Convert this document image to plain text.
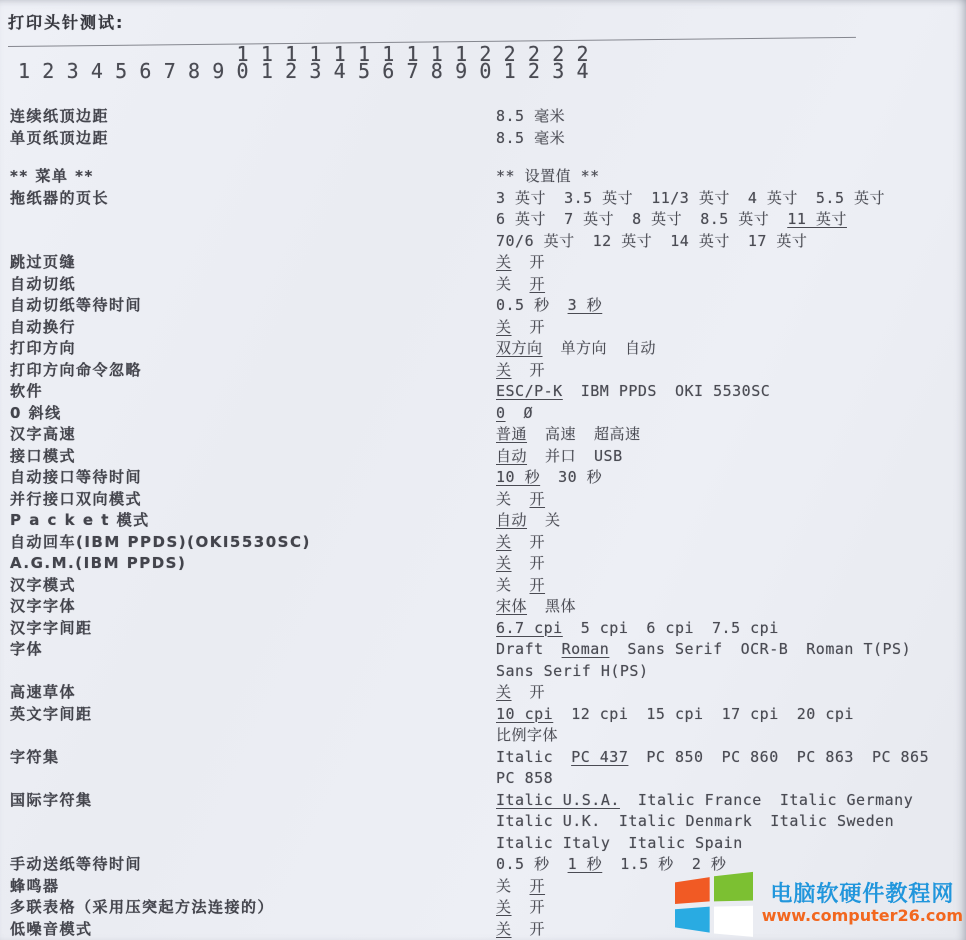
打印头针测试:
1 1 1 1 1 1 1 1 1 1 2 2 2 2 2
1 2 3 4 5 6 7 8 9 0 1 2 3 4 5 6 7 8 9 0 1 2 3 4
连续纸顶边距	8.5 毫米
单页纸顶边距	8.5 毫米
** 菜单 **	** 设置值 **
拖纸器的页长	3 英寸 3.5 英寸 11/3 英寸 4 英寸 5.5 英寸
6 英寸 7 英寸 8 英寸 8.5 英寸 11 英寸
70/6 英寸 12 英寸 14 英寸 17 英寸
跳过页缝	关 开
自动切纸	关 开
自动切纸等待时间	0.5 秒 3 秒
自动换行	关 开
打印方向	双方向 单方向 自动
打印方向命令忽略	关 开
软件	ESC/P-K IBM PPDS OKI 5530SC
0 斜线	0 Ø
汉字高速	普通 高速 超高速
接口模式	自动 并口 USB
自动接口等待时间	10 秒 30 秒
并行接口双向模式	关 开
P a c k e t 模式	自动 关
自动回车(IBM PPDS)(OKI5530SC)	关 开
A.G.M.(IBM PPDS)	关 开
汉字模式	关 开
汉字字体	宋体 黑体
汉字字间距	6.7 cpi 5 cpi 6 cpi 7.5 cpi
字体	Draft Roman Sans Serif OCR-B Roman T(PS)
Sans Serif H(PS)
高速草体	关 开
英文字间距	10 cpi 12 cpi 15 cpi 17 cpi 20 cpi
比例字体
字符集	Italic PC 437 PC 850 PC 860 PC 863 PC 865
PC 858
国际字符集	Italic U.S.A. Italic France Italic Germany
Italic U.K. Italic Denmark Italic Sweden
Italic Italy Italic Spain
手动送纸等待时间	0.5 秒 1 秒 1.5 秒 2 秒
蜂鸣器	关 开
多联表格（采用压突起方法连接的）	关 开
低噪音模式	关 开
电脑软硬件教程网
www.computer26.com
